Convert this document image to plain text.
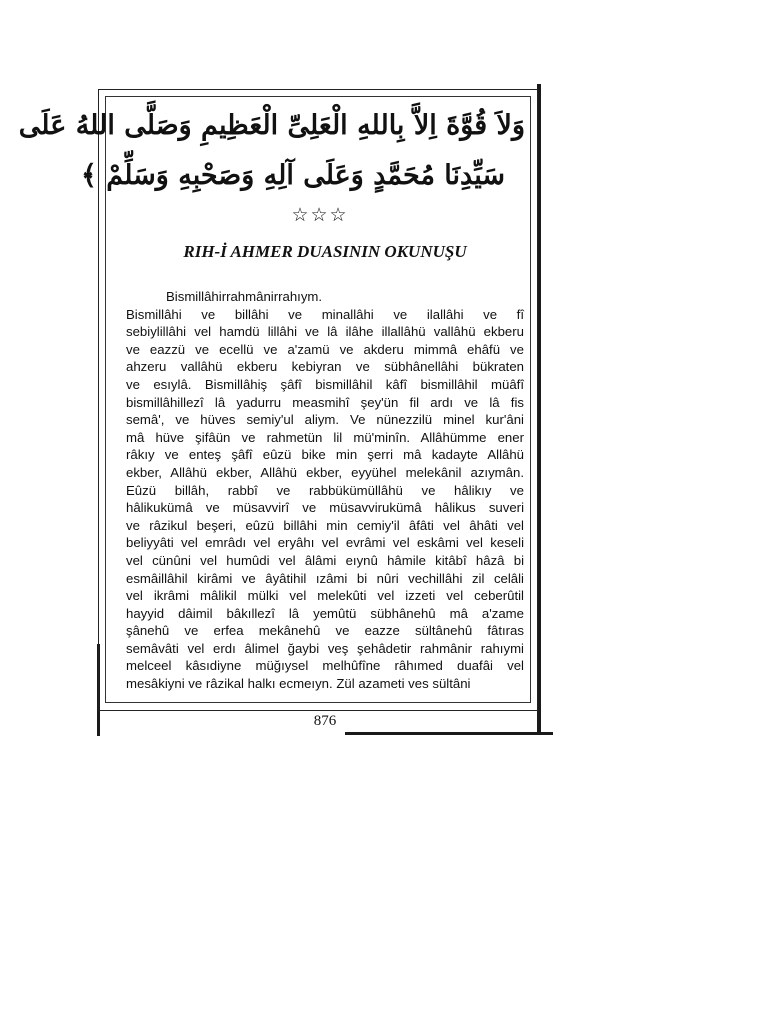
وَلاَ قُوَّةَ اِلاَّ بِاللهِ الْعَلِىِّ الْعَظِيمِ وَصَلَّى اللهُ عَلَى
سَيِّدِنَا مُحَمَّدٍ وَعَلَى آلِهِ وَصَحْبِهِ وَسَلِّمْ ﴾
☆☆☆
RIH-İ AHMER DUASININ OKUNUŞU
Bismillâhirrahmânirrahıym.
Bismillâhi ve billâhi ve minallâhi ve ilallâhi ve fî
sebiylillâhi vel hamdü lillâhi ve lâ ilâhe illallâhü vallâhü ekberu
ve eazzü ve ecellü ve a'zamü ve akderu mimmâ ehâfü ve
ahzeru vallâhü ekberu kebiyran ve sübhânellâhi bükraten
ve esıylâ. Bismillâhiş şâfî bismillâhil kâfî bismillâhil müâfî
bismillâhillezî lâ yadurru measmihî şey'ün fil ardı ve lâ fis
semâ', ve hüves semiy'ul aliym. Ve nünezzilü minel kur'âni
mâ hüve şifâün ve rahmetün lil mü'minîn. Allâhümme ener
râkıy ve enteş şâfî eûzü bike min şerri mâ kadayte Allâhü
ekber, Allâhü ekber, Allâhü ekber, eyyühel melekânil azıymân.
Eûzü billâh, rabbî ve rabbükümüllâhü ve hâlikıy ve
hâlikukümâ ve müsavvirî ve müsavvirukümâ hâlikus suveri
ve râzikul beşeri, eûzü billâhi min cemiy'il âfâti vel âhâti vel
beliyyâti vel emrâdı vel eryâhı vel evrâmi vel eskâmi vel keseli
vel cünûni vel humûdi vel âlâmi eıynû hâmile kitâbî hâzâ bi
esmâillâhil kirâmi ve âyâtihil ızâmi bi nûri vechillâhi zil celâli
vel ikrâmi mâlikil mülki vel melekûti vel izzeti vel ceberûtil
hayyid dâimil bâkıllezî lâ yemûtü sübhânehû mâ a'zame
şânehû ve erfea mekânehû ve eazze sültânehû fâtıras
semâvâti vel erdı âlimel ğaybi veş şehâdetir rahmânir rahıymi
melceel kâsıdiyne müğıysel melhûfîne râhımed duafâi vel
mesâkiyni ve râzikal halkı ecmeıyn. Zül azameti ves sültâni
876
